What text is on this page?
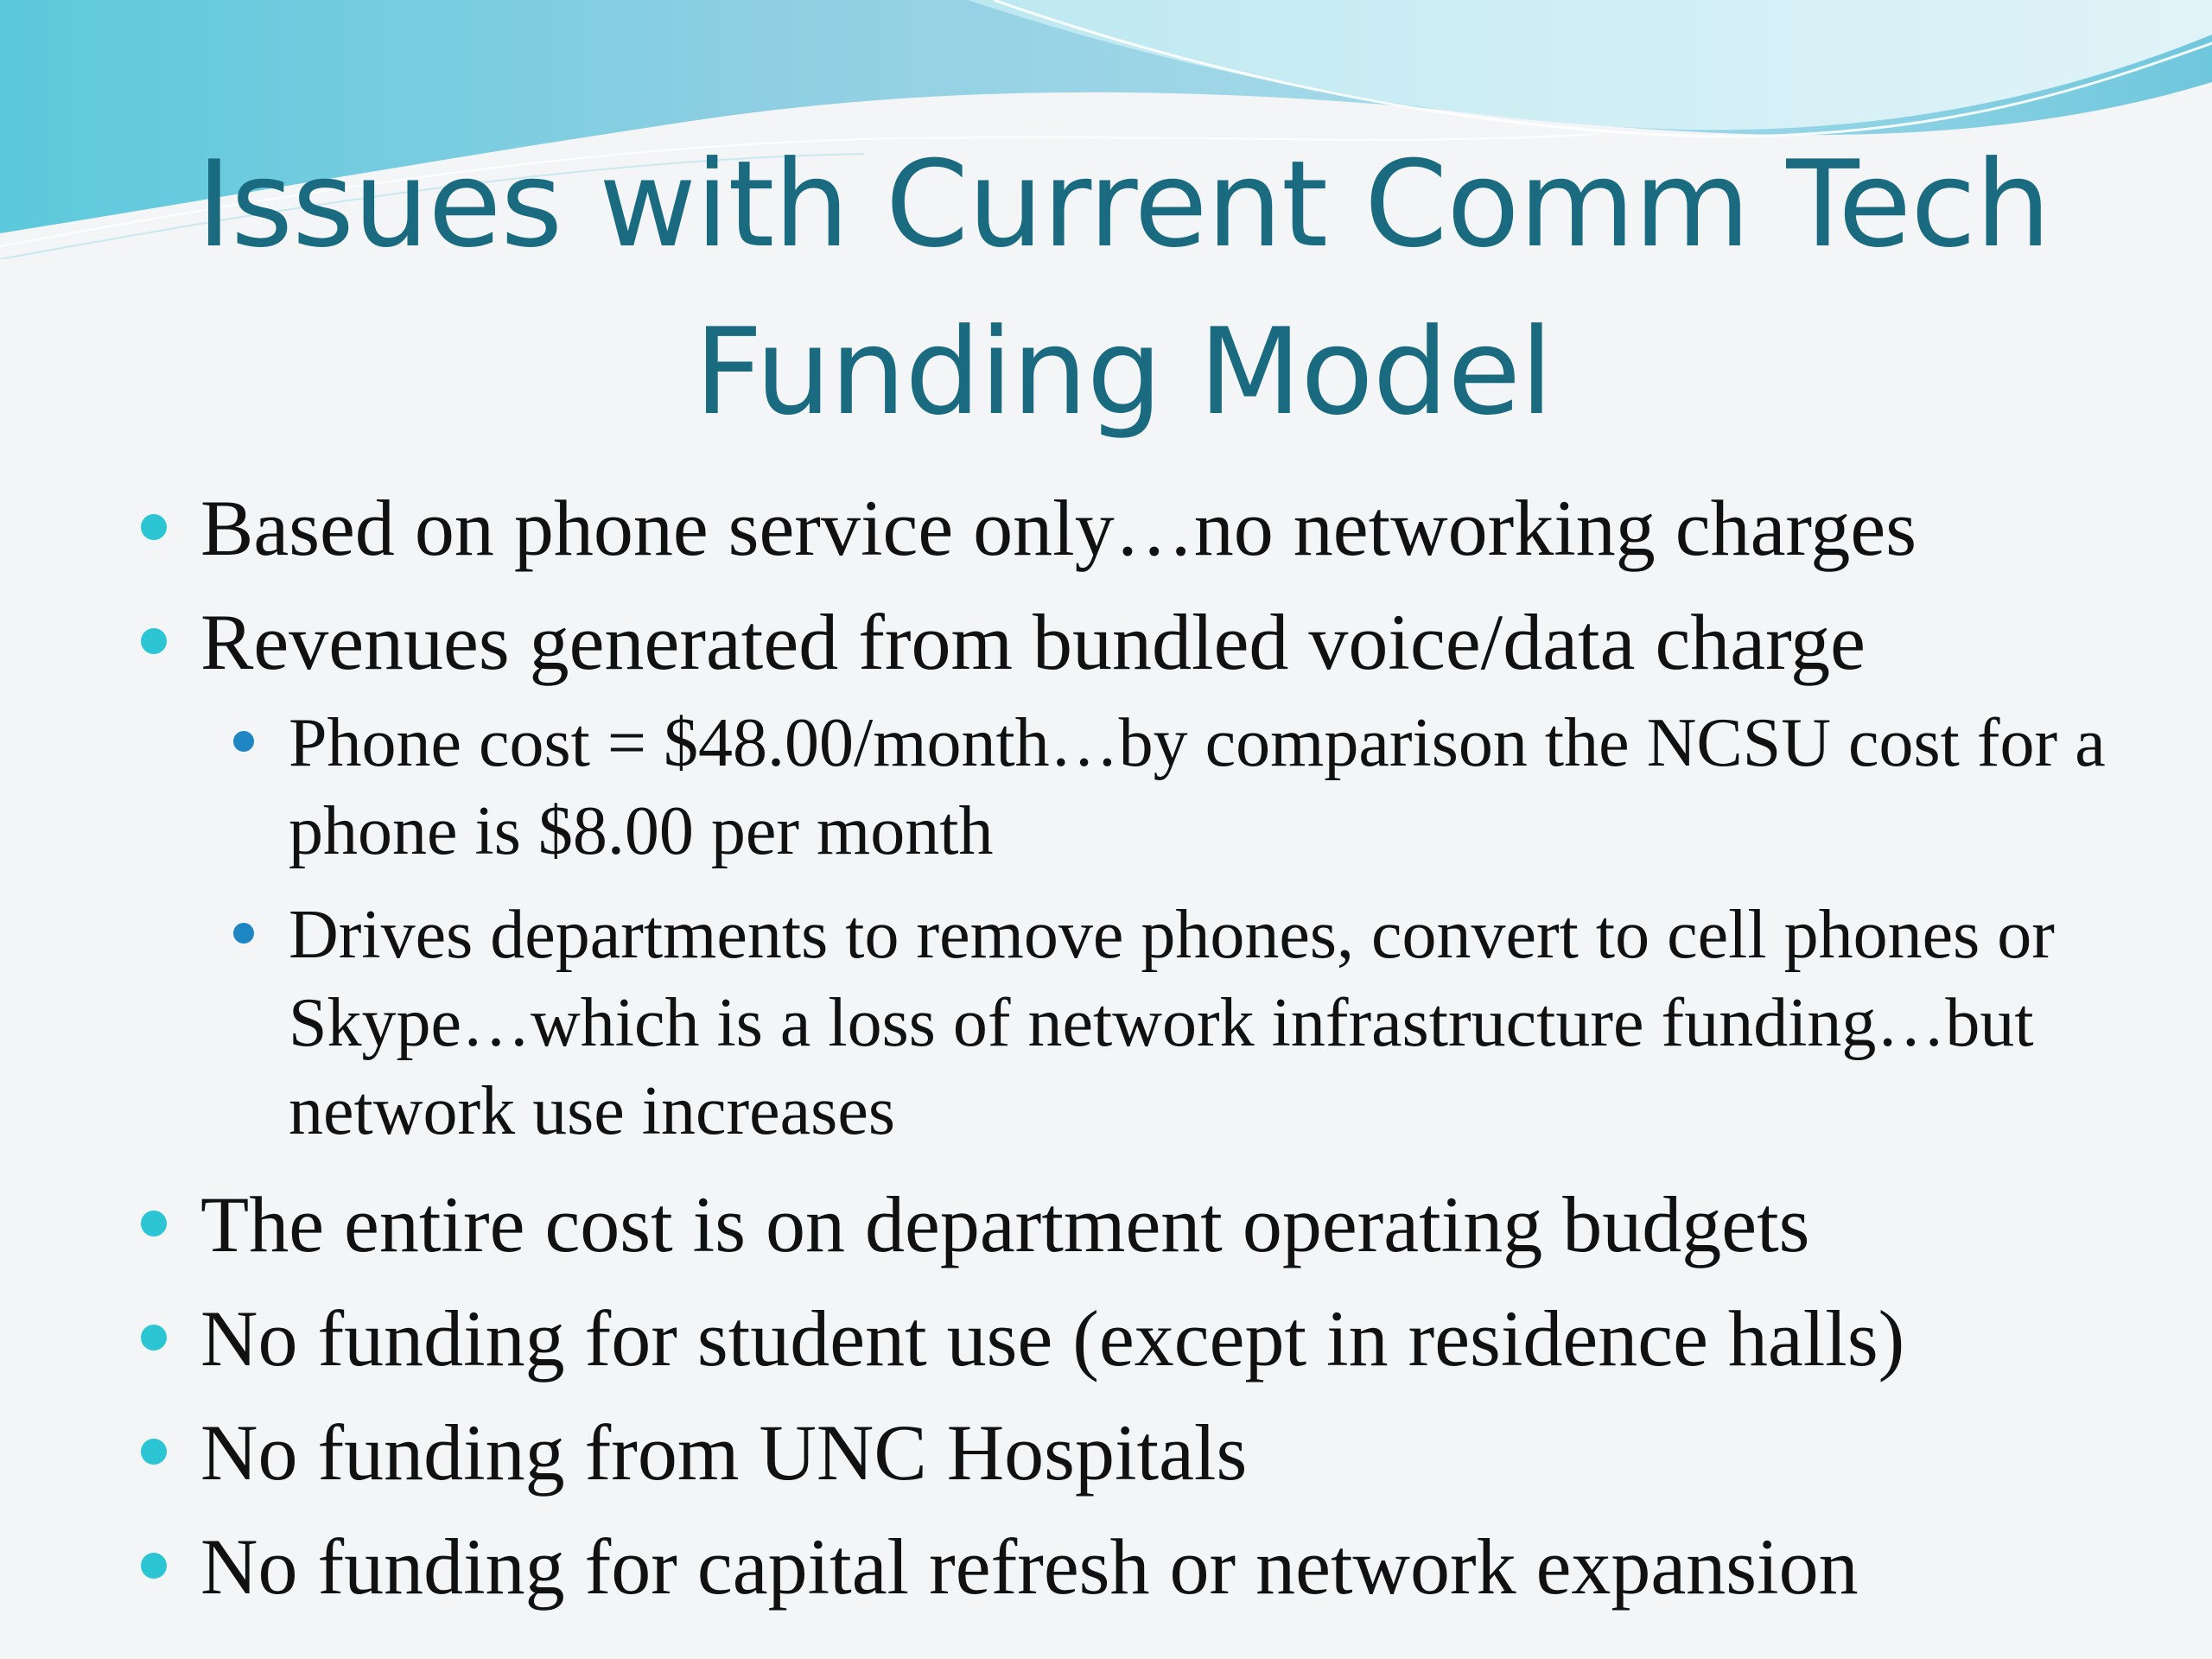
Issues with Current Comm Tech
Funding Model
Based on phone service only…no networking charges
Revenues generated from bundled voice/data charge
Phone cost = $48.00/month…by comparison the NCSU cost for a phone is $8.00 per month
Drives departments to remove phones, convert to cell phones or Skype…which is a loss of network infrastructure funding…but network use increases
The entire cost is on department operating budgets
No funding for student use (except in residence halls)
No funding from UNC Hospitals
No funding for capital refresh or network expansion
